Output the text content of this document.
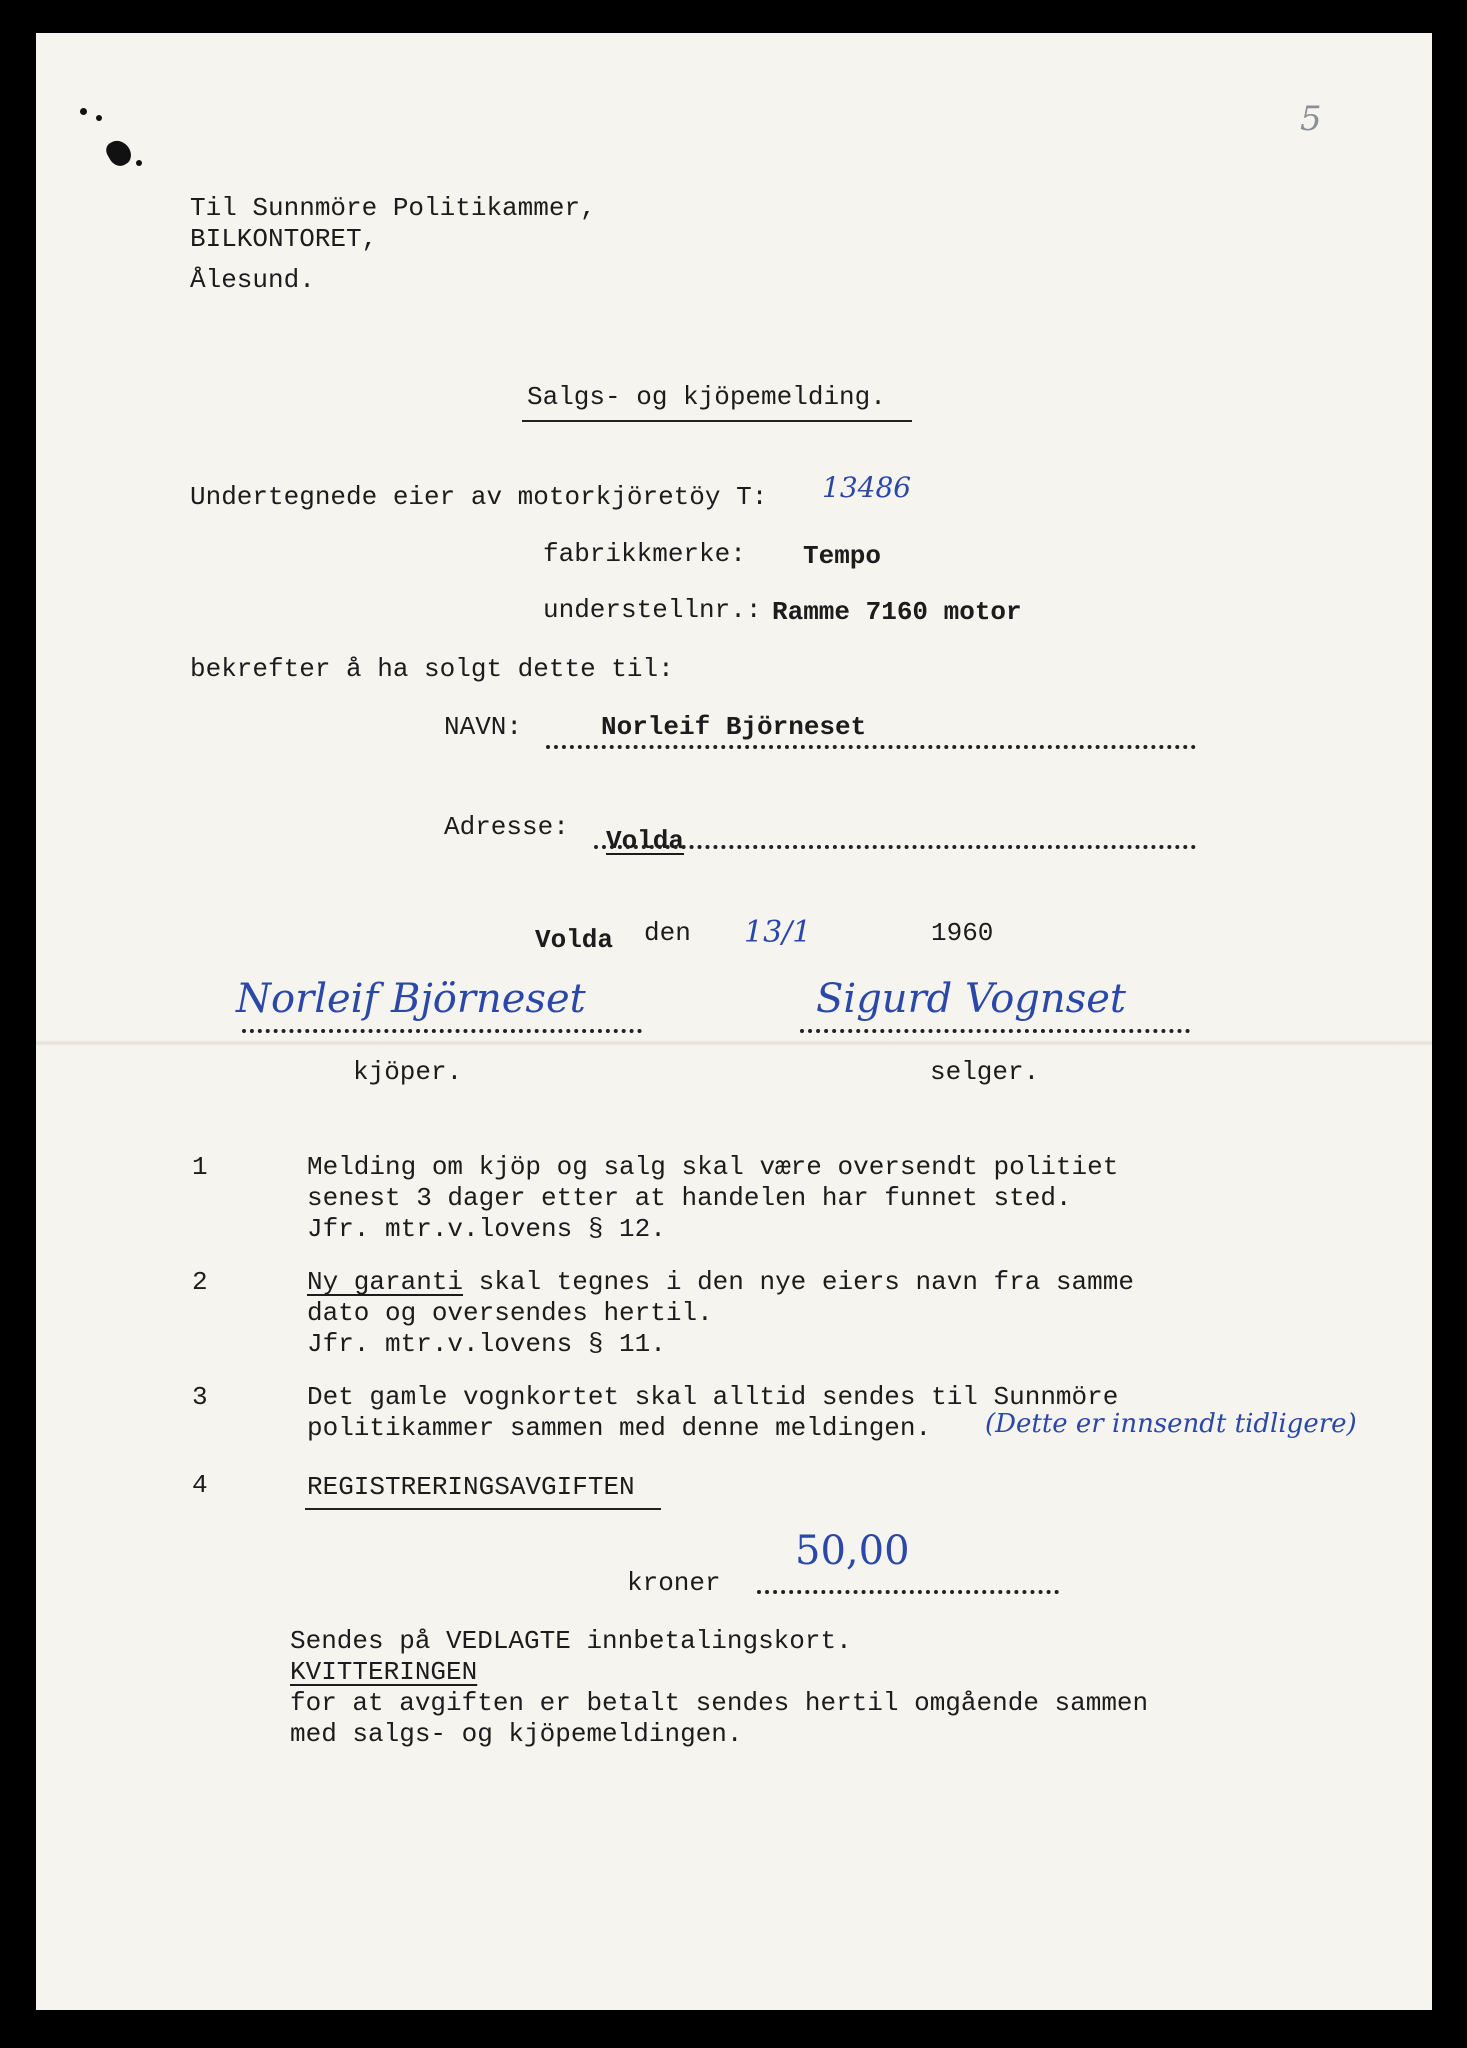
5
Til Sunnmöre Politikammer,
BILKONTORET,
Ålesund.
Salgs- og kjöpemelding.
Undertegnede eier av motorkjöretöy T: 13486
fabrikkmerke: Tempo
understellnr.: Ramme 7160 motor
bekrefter å ha solgt dette til:
NAVN:	Norleif Björneset
Adresse: Volda
Volda den 13/1	1960
Norleif Björneset	Sigurd Vognset
kjöper.	selger.
1	Melding om kjöp og salg skal være oversendt politiet
senest 3 dager etter at handelen har funnet sted.
Jfr. mtr.v.lovens § 12.
2	Ny garanti skal tegnes i den nye eiers navn fra samme
dato og oversendes hertil.
Jfr. mtr.v.lovens § 11.
3	Det gamle vognkortet skal alltid sendes til Sunnmöre
politikammer sammen med denne meldingen. (Dette er innsendt tidligere)
4	REGISTRERINGSAVGIFTEN
kroner
50,00
Sendes på VEDLAGTE innbetalingskort.
KVITTERINGEN
for at avgiften er betalt sendes hertil omgående sammen
med salgs- og kjöpemeldingen.
